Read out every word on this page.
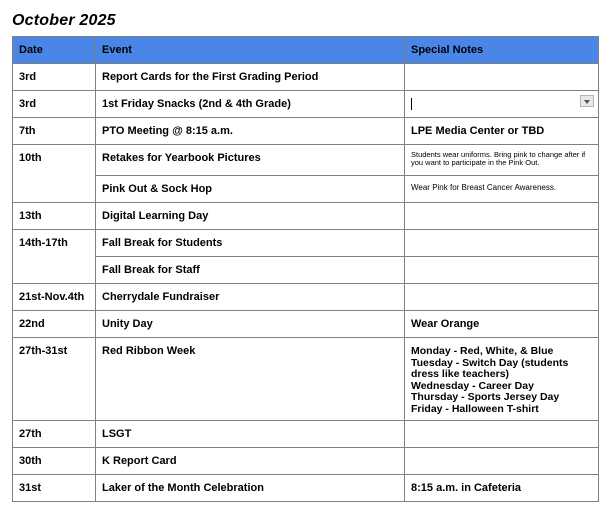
October 2025
Date	Event	Special Notes
3rd	Report Cards for the First Grading Period	
3rd	1st Friday Snacks (2nd & 4th Grade)	

7th	PTO Meeting @ 8:15 a.m.	LPE Media Center or TBD
10th	Retakes for Yearbook Pictures	Students wear uniforms. Bring pink to change after if you want to participate in the Pink Out.
	Pink Out & Sock Hop	Wear Pink for Breast Cancer Awareness.
13th	Digital Learning Day	
14th-17th	Fall Break for Students	
	Fall Break for Staff	
21st-Nov.4th	Cherrydale Fundraiser	
22nd	Unity Day	Wear Orange
27th-31st	Red Ribbon Week	Monday - Red, White, & Blue
Tuesday - Switch Day (students dress like teachers)
Wednesday - Career Day
Thursday - Sports Jersey Day
Friday - Halloween T-shirt

27th	LSGT	
30th	K Report Card	
31st	Laker of the Month Celebration	8:15 a.m. in Cafeteria
